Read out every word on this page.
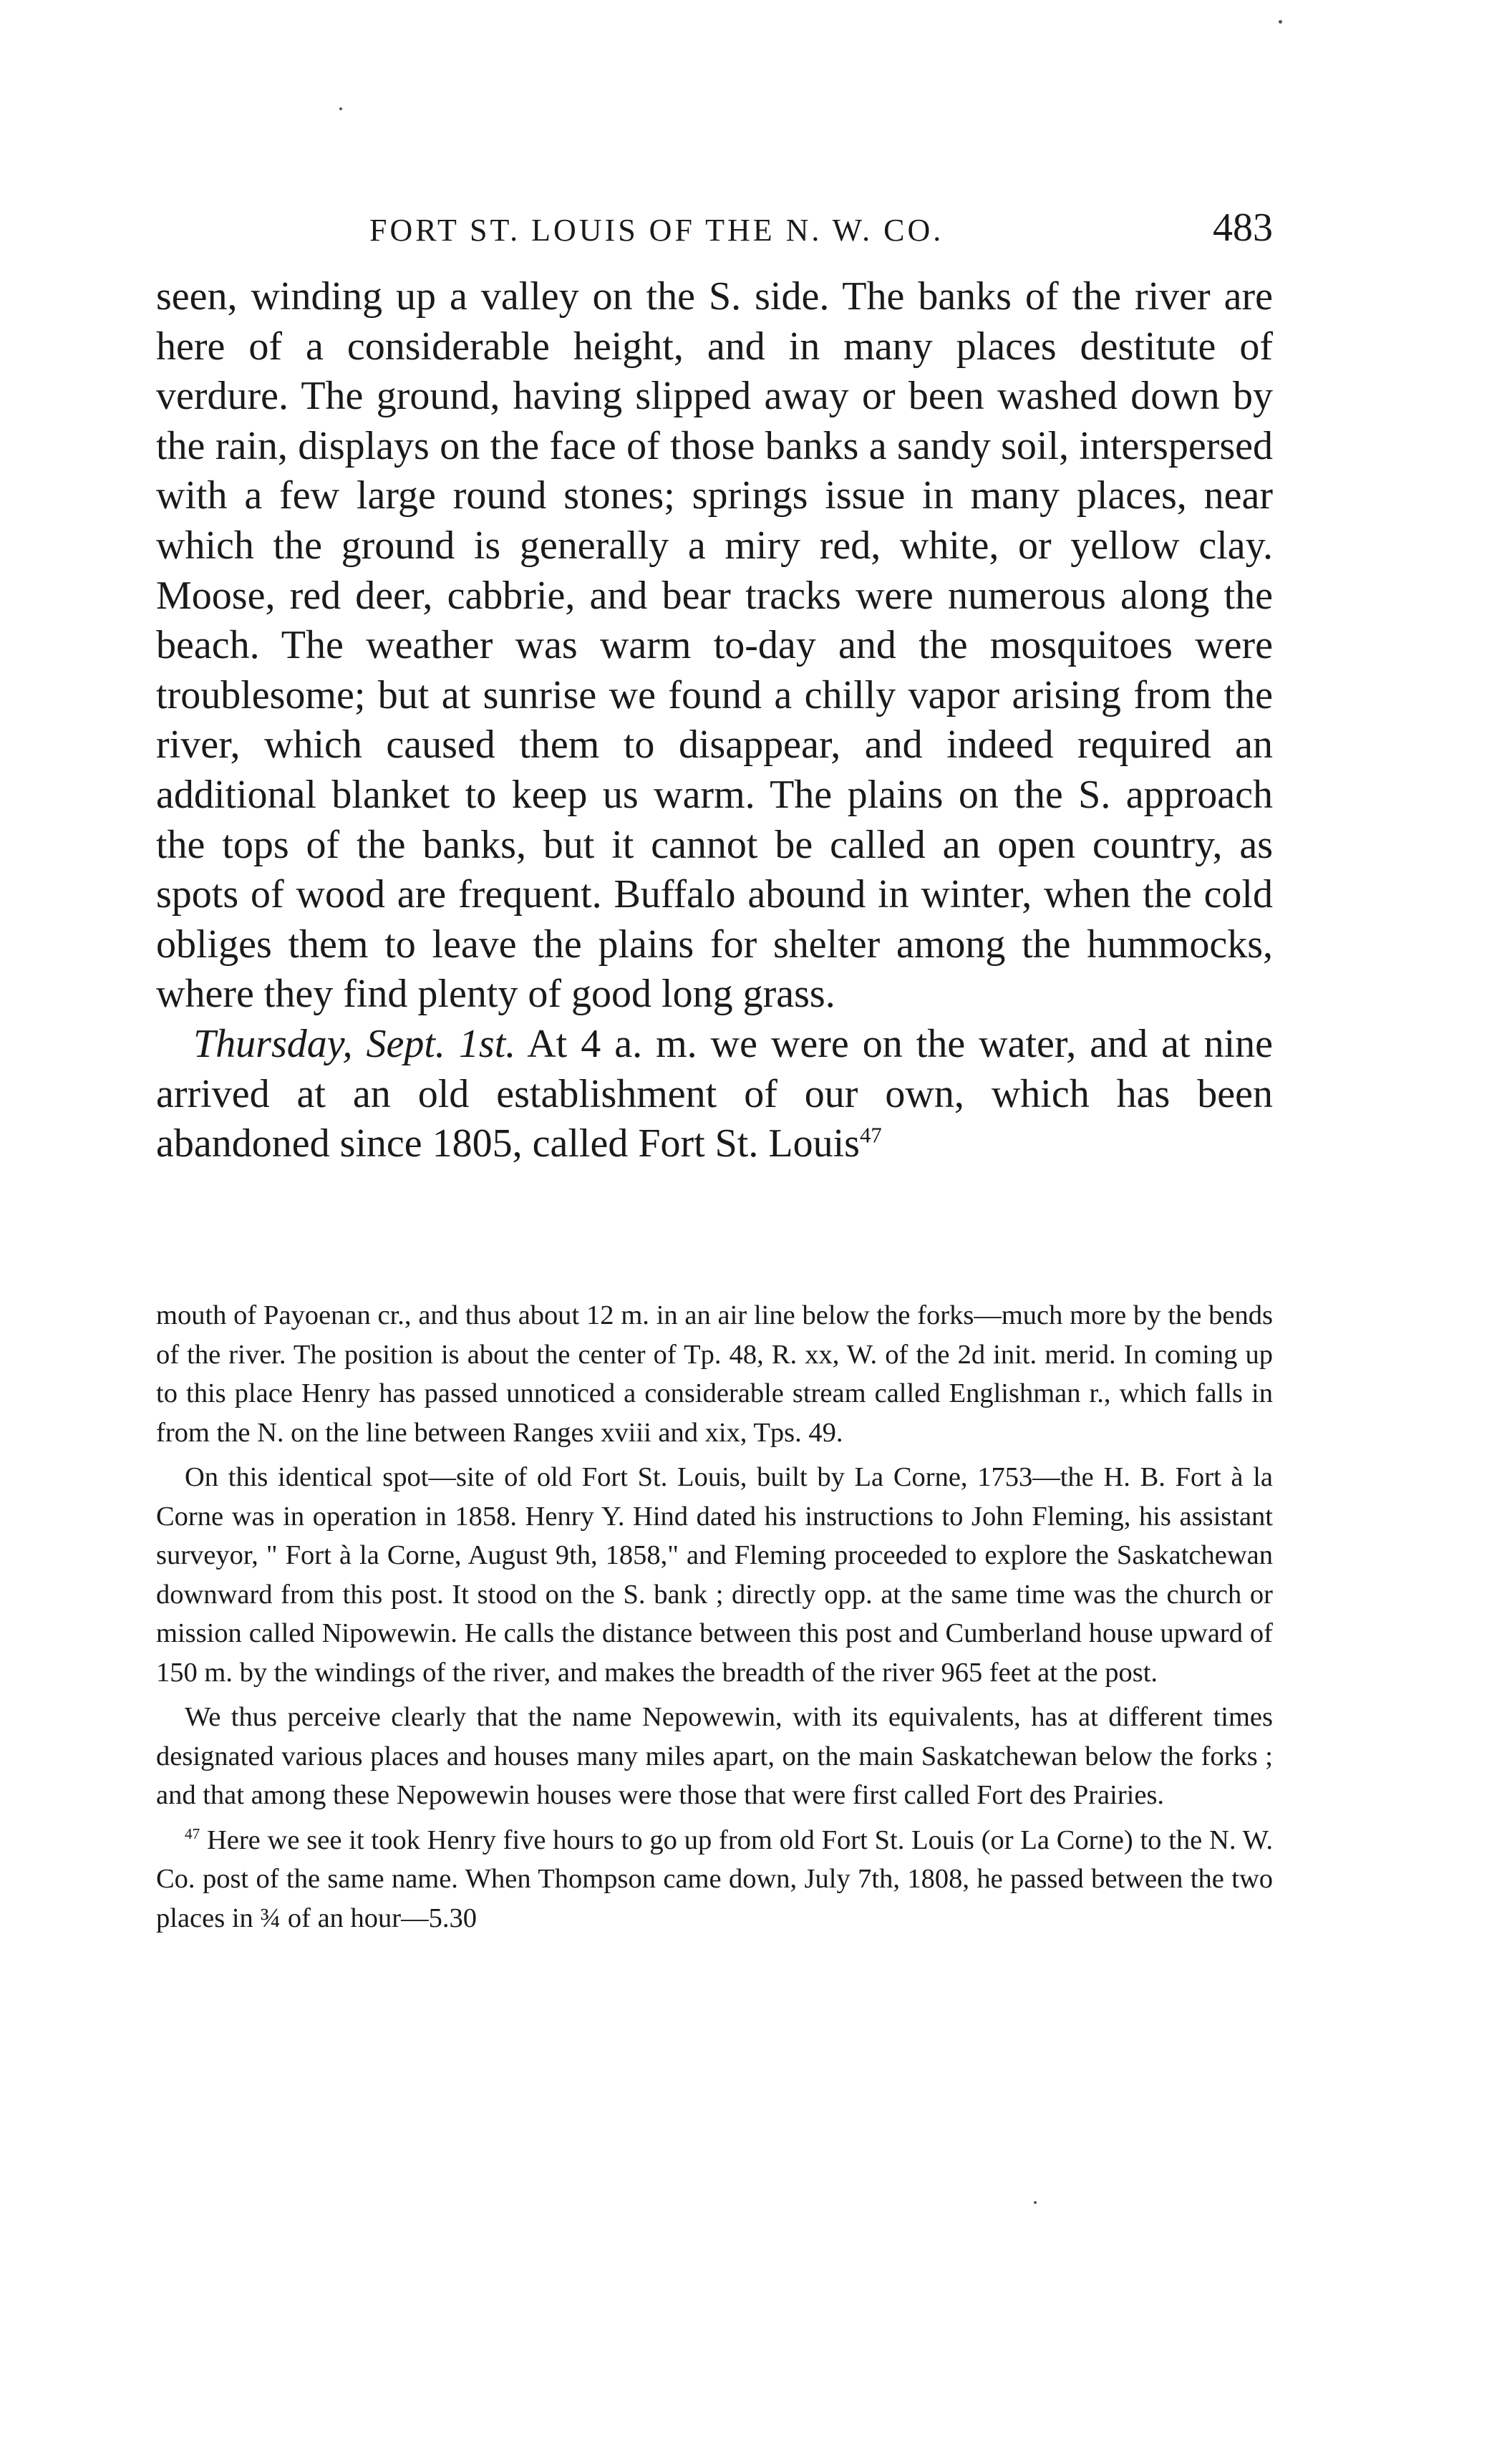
FORT ST. LOUIS OF THE N. W. CO.	483

seen, winding up a valley on the S. side. The banks of the river are here of a considerable height, and in many places destitute of verdure. The ground, having slipped away or been washed down by the rain, displays on the face of those banks a sandy soil, interspersed with a few large round stones; springs issue in many places, near which the ground is generally a miry red, white, or yellow clay. Moose, red deer, cabbrie, and bear tracks were numerous along the beach. The weather was warm to-day and the mosquitoes were troublesome; but at sunrise we found a chilly vapor arising from the river, which caused them to disappear, and indeed required an additional blanket to keep us warm. The plains on the S. approach the tops of the banks, but it cannot be called an open country, as spots of wood are frequent. Buffalo abound in winter, when the cold obliges them to leave the plains for shelter among the hummocks, where they find plenty of good long grass.

Thursday, Sept. 1st. At 4 a. m. we were on the water, and at nine arrived at an old establishment of our own, which has been abandoned since 1805, called Fort St. Louis$^{47}$

mouth of Payoenan cr., and thus about 12 m. in an air line below the forks—much more by the bends of the river. The position is about the center of Tp. 48, R. xx, W. of the 2d init. merid. In coming up to this place Henry has passed unnoticed a considerable stream called Englishman r., which falls in from the N. on the line between Ranges xviii and xix, Tps. 49.

On this identical spot—site of old Fort St. Louis, built by La Corne, 1753—the H. B. Fort à la Corne was in operation in 1858. Henry Y. Hind dated his instructions to John Fleming, his assistant surveyor, " Fort à la Corne, August 9th, 1858," and Fleming proceeded to explore the Saskatchewan downward from this post. It stood on the S. bank ; directly opp. at the same time was the church or mission called Nipowewin. He calls the distance between this post and Cumberland house upward of 150 m. by the windings of the river, and makes the breadth of the river 965 feet at the post.

We thus perceive clearly that the name Nepowewin, with its equivalents, has at different times designated various places and houses many miles apart, on the main Saskatchewan below the forks ; and that among these Nepowewin houses were those that were first called Fort des Prairies.

$^{47}$ Here we see it took Henry five hours to go up from old Fort St. Louis (or La Corne) to the N. W. Co. post of the same name. When Thompson came down, July 7th, 1808, he passed between the two places in ¾ of an hour—5.30
